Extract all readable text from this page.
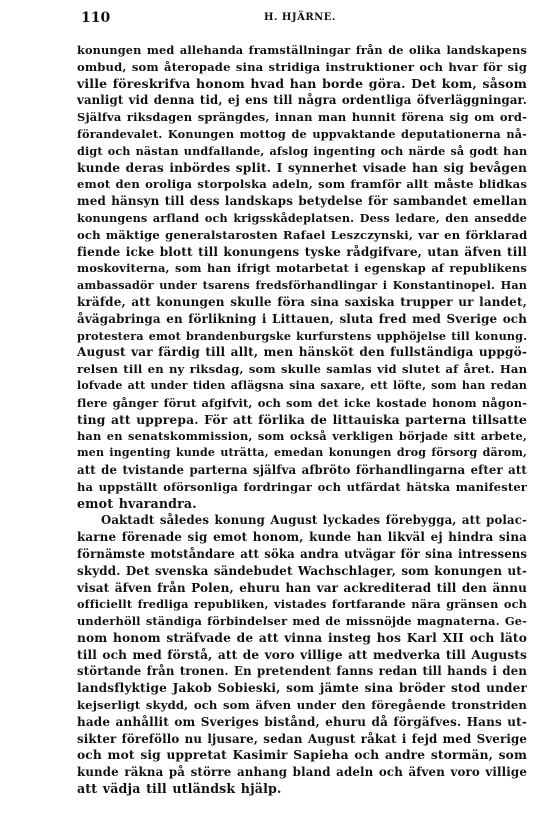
110	H. HJÄRNE.

konungen med allehanda framställningar från de olika landskapens

ombud, som återopade sina stridiga instruktioner och hvar för sig

ville föreskrifva honom hvad han borde göra. Det kom, såsom

vanligt vid denna tid, ej ens till några ordentliga öfverläggningar.

Själfva riksdagen sprängdes, innan man hunnit förena sig om ord-

förandevalet. Konungen mottog de uppvaktande deputationerna nå-

digt och nästan undfallande, afslog ingenting och närde så godt han

kunde deras inbördes split. I synnerhet visade han sig bevågen

emot den oroliga storpolska adeln, som framför allt måste blidkas

med hänsyn till dess landskaps betydelse för sambandet emellan

konungens arfland och krigsskådeplatsen. Dess ledare, den ansedde

och mäktige generalstarosten Rafael Leszczynski, var en förklarad

fiende icke blott till konungens tyske rådgifvare, utan äfven till

moskoviterna, som han ifrigt motarbetat i egenskap af republikens

ambassadör under tsarens fredsförhandlingar i Konstantinopel. Han

kräfde, att konungen skulle föra sina saxiska trupper ur landet,

åvägabringa en förlikning i Littauen, sluta fred med Sverige och

protestera emot brandenburgske kurfurstens upphöjelse till konung.

August var färdig till allt, men hänsköt den fullständiga uppgö-

relsen till en ny riksdag, som skulle samlas vid slutet af året. Han

lofvade att under tiden aflägsna sina saxare, ett löfte, som han redan

flere gånger förut afgifvit, och som det icke kostade honom någon-

ting att upprepa. För att förlika de littauiska parterna tillsatte

han en senatskommission, som också verkligen började sitt arbete,

men ingenting kunde uträtta, emedan konungen drog försorg därom,

att de tvistande parterna själfva afbröto förhandlingarna efter att

ha uppställt oförsonliga fordringar och utfärdat hätska manifester

emot hvarandra.

Oaktadt således konung August lyckades förebygga, att polac-

karne förenade sig emot honom, kunde han likväl ej hindra sina

förnämste motståndare att söka andra utvägar för sina intressens

skydd. Det svenska sändebudet Wachschlager, som konungen ut-

visat äfven från Polen, ehuru han var ackrediterad till den ännu

officiellt fredliga republiken, vistades fortfarande nära gränsen och

underhöll ständiga förbindelser med de missnöjde magnaterna. Ge-

nom honom sträfvade de att vinna insteg hos Karl XII och läto

till och med förstå, att de voro villige att medverka till Augusts

störtande från tronen. En pretendent fanns redan till hands i den

landsflyktige Jakob Sobieski, som jämte sina bröder stod under

kejserligt skydd, och som äfven under den föregående tronstriden

hade anhållit om Sveriges bistånd, ehuru då förgäfves. Hans ut-

sikter föreföllo nu ljusare, sedan August råkat i fejd med Sverige

och mot sig uppretat Kasimir Sapieha och andre stormän, som

kunde räkna på större anhang bland adeln och äfven voro villige

att vädja till utländsk hjälp.
